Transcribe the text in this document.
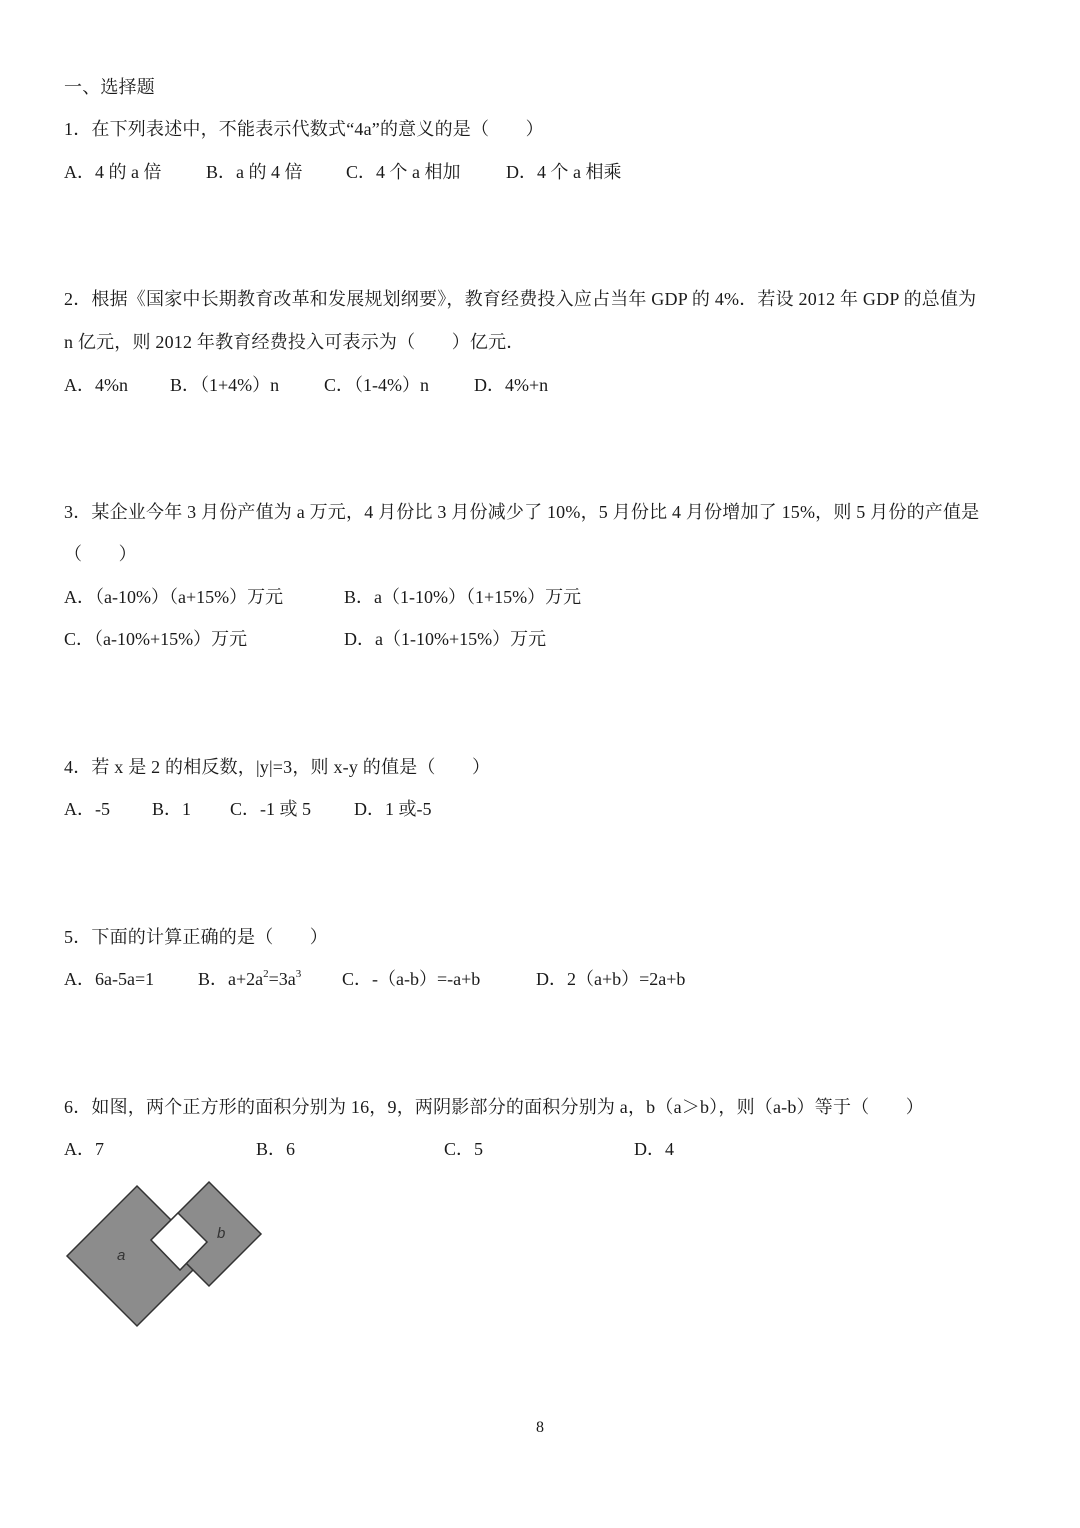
一、选择题
1．在下列表述中，不能表示代数式“4a”的意义的是（　　）
A．4 的 a 倍 B．a 的 4 倍 C．4 个 a 相加	D．4 个 a 相乘
2．根据《国家中长期教育改革和发展规划纲要》，教育经费投入应占当年 GDP 的 4%．若设 2012 年 GDP 的总值为
n 亿元，则 2012 年教育经费投入可表示为（　　）亿元．
A．4%n B．（1+4%）n C．（1-4%）n	D．4%+n
3．某企业今年 3 月份产值为 a 万元，4 月份比 3 月份减少了 10%，5 月份比 4 月份增加了 15%，则 5 月份的产值是
（　　）
A．（a-10%）（a+15%）万元	B．a（1-10%）（1+15%）万元
C．（a-10%+15%）万元	D．a（1-10%+15%）万元
4．若 x 是 2 的相反数，|y|=3，则 x-y 的值是（　　）
A．-5 B．1 C．-1 或 5 D．1 或-5
5．下面的计算正确的是（　　）
A．6a-5a=1 B．$a+2a^2=3a^3$ C．-（a-b）=-a+b	D．2（a+b）=2a+b
6．如图，两个正方形的面积分别为 16，9，两阴影部分的面积分别为 a，b（a＞b），则（a-b）等于（　　）
A．7	B．6	C．5	D．4
a
b
8
